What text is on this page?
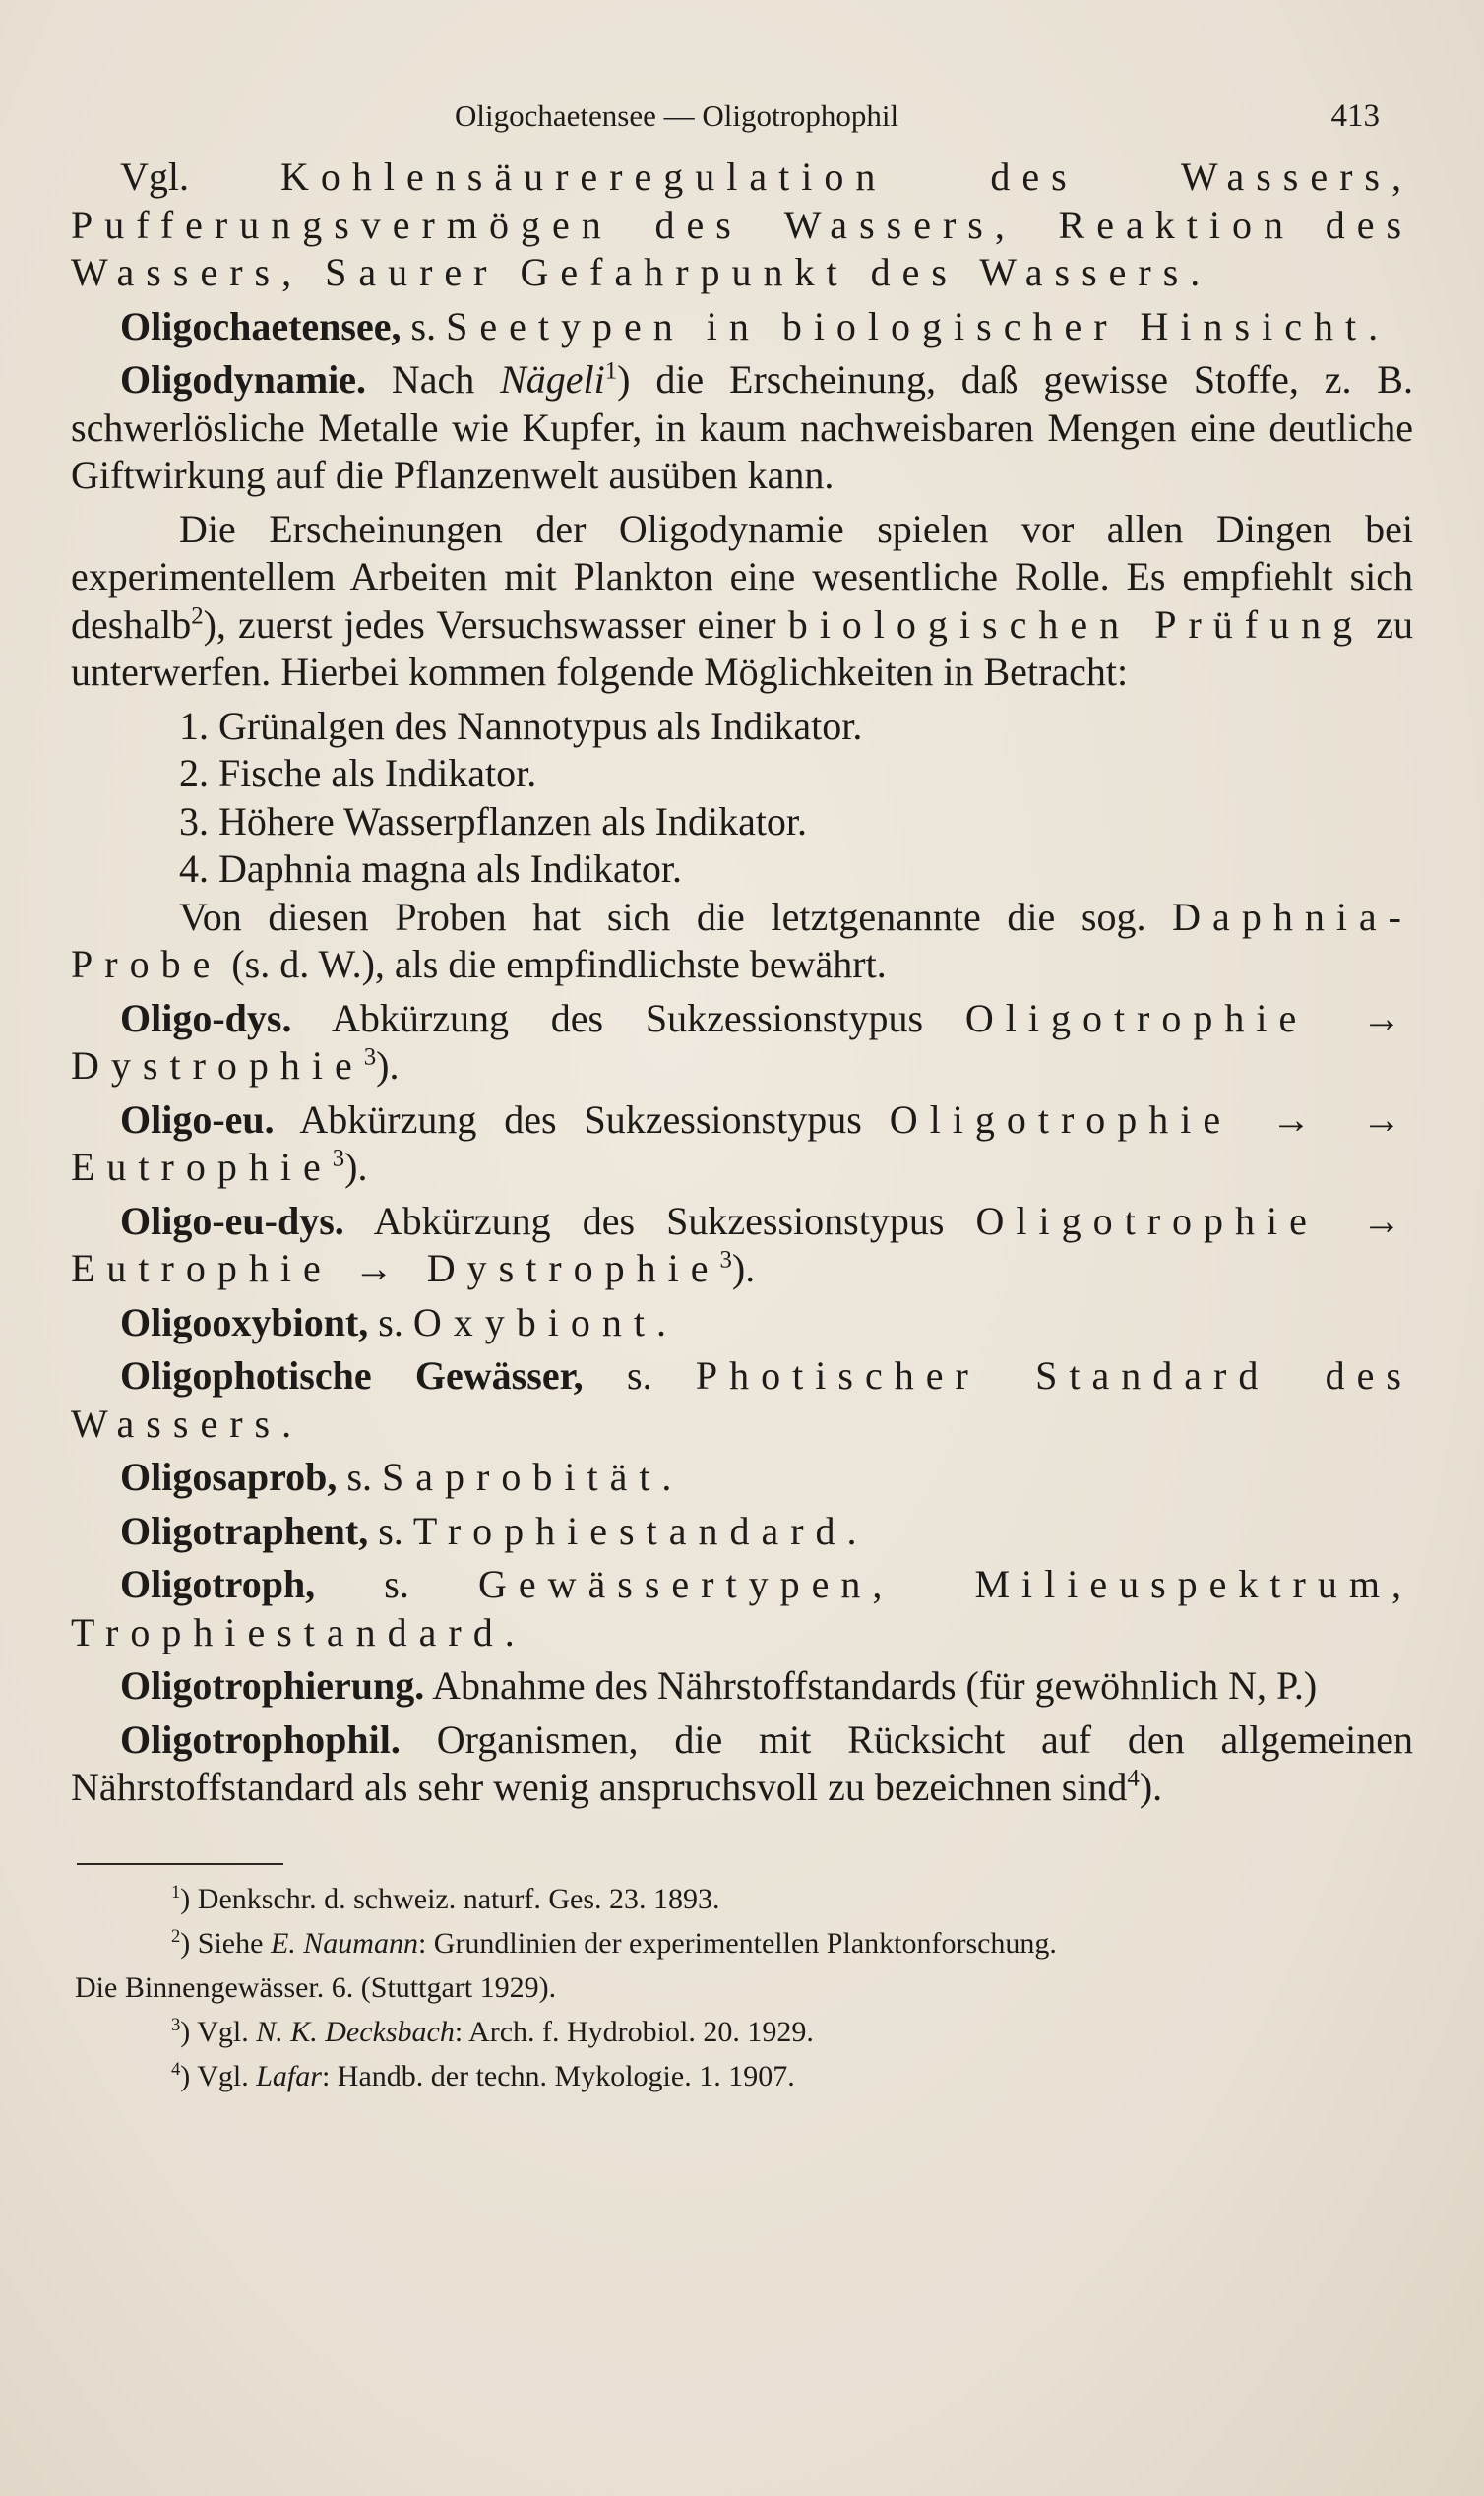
Oligochaetensee — Oligotrophophil	413

Vgl. Kohlensäureregulation des Wassers, Pufferungsvermögen des Wassers, Reaktion des Wassers, Saurer Gefahrpunkt des Wassers.

Oligochaetensee, s. Seetypen in biologischer Hinsicht.

Oligodynamie. Nach Nägeli$^1$) die Erscheinung, daß gewisse Stoffe, z. B. schwerlösliche Metalle wie Kupfer, in kaum nachweisbaren Mengen eine deutliche Giftwirkung auf die Pflanzenwelt ausüben kann.

Die Erscheinungen der Oligodynamie spielen vor allen Dingen bei experimentellem Arbeiten mit Plankton eine wesentliche Rolle. Es empfiehlt sich deshalb$^2$), zuerst jedes Versuchswasser einer biologischen Prüfung zu unterwerfen. Hierbei kommen folgende Möglichkeiten in Betracht:

1. Grünalgen des Nannotypus als Indikator.

2. Fische als Indikator.

3. Höhere Wasserpflanzen als Indikator.

4. Daphnia magna als Indikator.

Von diesen Proben hat sich die letztgenannte die sog. Daphnia-Probe (s. d. W.), als die empfindlichste bewährt.

Oligo-dys. Abkürzung des Sukzessionstypus Oligotrophie → Dystrophie$^3$).

Oligo-eu. Abkürzung des Sukzessionstypus Oligotrophie → → Eutrophie$^3$).

Oligo-eu-dys. Abkürzung des Sukzessionstypus Oligotrophie → Eutrophie → Dystrophie$^3$).

Oligooxybiont, s. Oxybiont.

Oligophotische Gewässer, s. Photischer Standard des Wassers.

Oligosaprob, s. Saprobität.

Oligotraphent, s. Trophiestandard.

Oligotroph, s. Gewässertypen, Milieuspektrum, Trophiestandard.

Oligotrophierung. Abnahme des Nährstoffstandards (für gewöhnlich N, P.)

Oligotrophophil. Organismen, die mit Rücksicht auf den allgemeinen Nährstoffstandard als sehr wenig anspruchsvoll zu bezeichnen sind$^4$).

$^1$) Denkschr. d. schweiz. naturf. Ges. 23. 1893.
$^2$) Siehe E. Naumann: Grundlinien der experimentellen Planktonforschung.
Die Binnengewässer. 6. (Stuttgart 1929).
$^3$) Vgl. N. K. Decksbach: Arch. f. Hydrobiol. 20. 1929.
$^4$) Vgl. Lafar: Handb. der techn. Mykologie. 1. 1907.
